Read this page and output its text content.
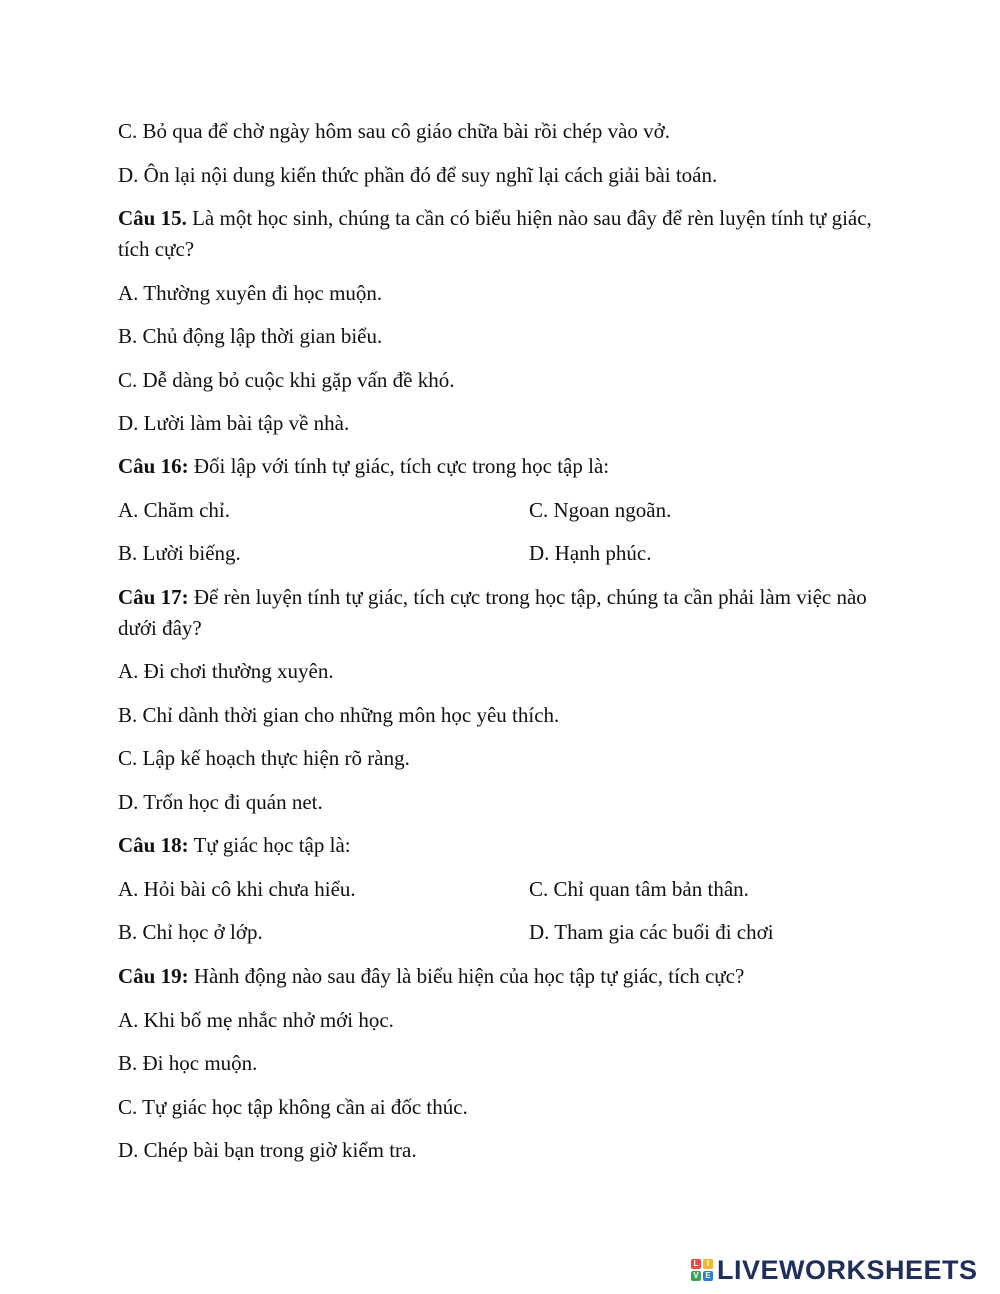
C. Bỏ qua để chờ ngày hôm sau cô giáo chữa bài rồi chép vào vở.
D. Ôn lại nội dung kiến thức phần đó để suy nghĩ lại cách giải bài toán.
Câu 15. Là một học sinh, chúng ta cần có biểu hiện nào sau đây để rèn luyện tính tự giác, tích cực?
A. Thường xuyên đi học muộn.
B. Chủ động lập thời gian biểu.
C. Dễ dàng bỏ cuộc khi gặp vấn đề khó.
D. Lười làm bài tập về nhà.
Câu 16: Đối lập với tính tự giác, tích cực trong học tập là:
A. Chăm chỉ.	C. Ngoan ngoãn.
B. Lười biếng.	D. Hạnh phúc.
Câu 17: Để rèn luyện tính tự giác, tích cực trong học tập, chúng ta cần phải làm việc nào dưới đây?
A. Đi chơi thường xuyên.
B. Chỉ dành thời gian cho những môn học yêu thích.
C. Lập kế hoạch thực hiện rõ ràng.
D. Trốn học đi quán net.
Câu 18: Tự giác học tập là:
A. Hỏi bài cô khi chưa hiểu.	C. Chỉ quan tâm bản thân.
B. Chỉ học ở lớp.	D. Tham gia các buổi đi chơi
Câu 19: Hành động nào sau đây là biểu hiện của học tập tự giác, tích cực?
A. Khi bố mẹ nhắc nhở mới học.
B. Đi học muộn.
C. Tự giác học tập không cần ai đốc thúc.
D. Chép bài bạn trong giờ kiểm tra.
L	I
V E LIVEWORKSHEETS
